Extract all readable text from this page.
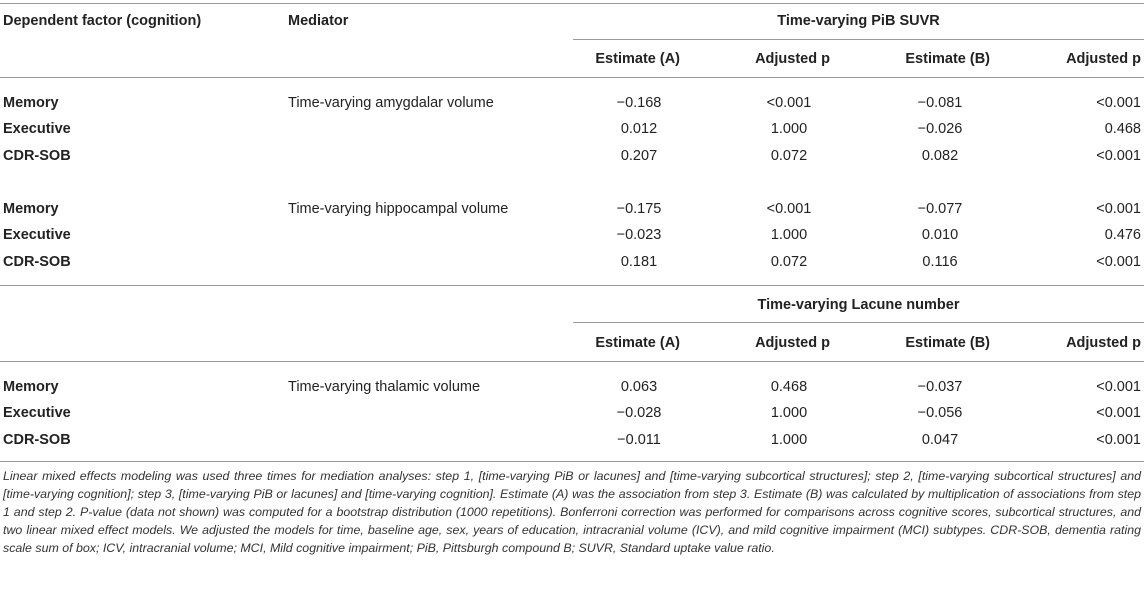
Dependent factor (cognition)	Mediator	Time-varying PiB SUVR
Estimate (A)	Adjusted p	Estimate (B)	Adjusted p
Time-varying amygdalar volume
Memory	−0.168	<0.001	−0.081	<0.001
Executive	0.012	1.000	−0.026	0.468
CDR-SOB	0.207	0.072	0.082	<0.001
Time-varying hippocampal volume
Memory	−0.175	<0.001	−0.077	<0.001
Executive	−0.023	1.000	0.010	0.476
CDR-SOB	0.181	0.072	0.116	<0.001
Time-varying Lacune number
Estimate (A)	Adjusted p	Estimate (B)	Adjusted p
Time-varying thalamic volume
Memory	0.063	0.468	−0.037	<0.001
Executive	−0.028	1.000	−0.056	<0.001
CDR-SOB	−0.011	1.000	0.047	<0.001
Linear mixed effects modeling was used three times for mediation analyses: step 1, [time-varying PiB or lacunes] and [time-varying subcortical structures]; step 2, [time-varying subcortical structures] and [time-varying cognition]; step 3, [time-varying PiB or lacunes] and [time-varying cognition]. Estimate (A) was the association from step 3. Estimate (B) was calculated by multiplication of associations from step 1 and step 2. P-value (data not shown) was computed for a bootstrap distribution (1000 repetitions). Bonferroni correction was performed for comparisons across cognitive scores, subcortical structures, and two linear mixed effect models. We adjusted the models for time, baseline age, sex, years of education, intracranial volume (ICV), and mild cognitive impairment (MCI) subtypes. CDR-SOB, dementia rating scale sum of box; ICV, intracranial volume; MCI, Mild cognitive impairment; PiB, Pittsburgh compound B; SUVR, Standard uptake value ratio.
